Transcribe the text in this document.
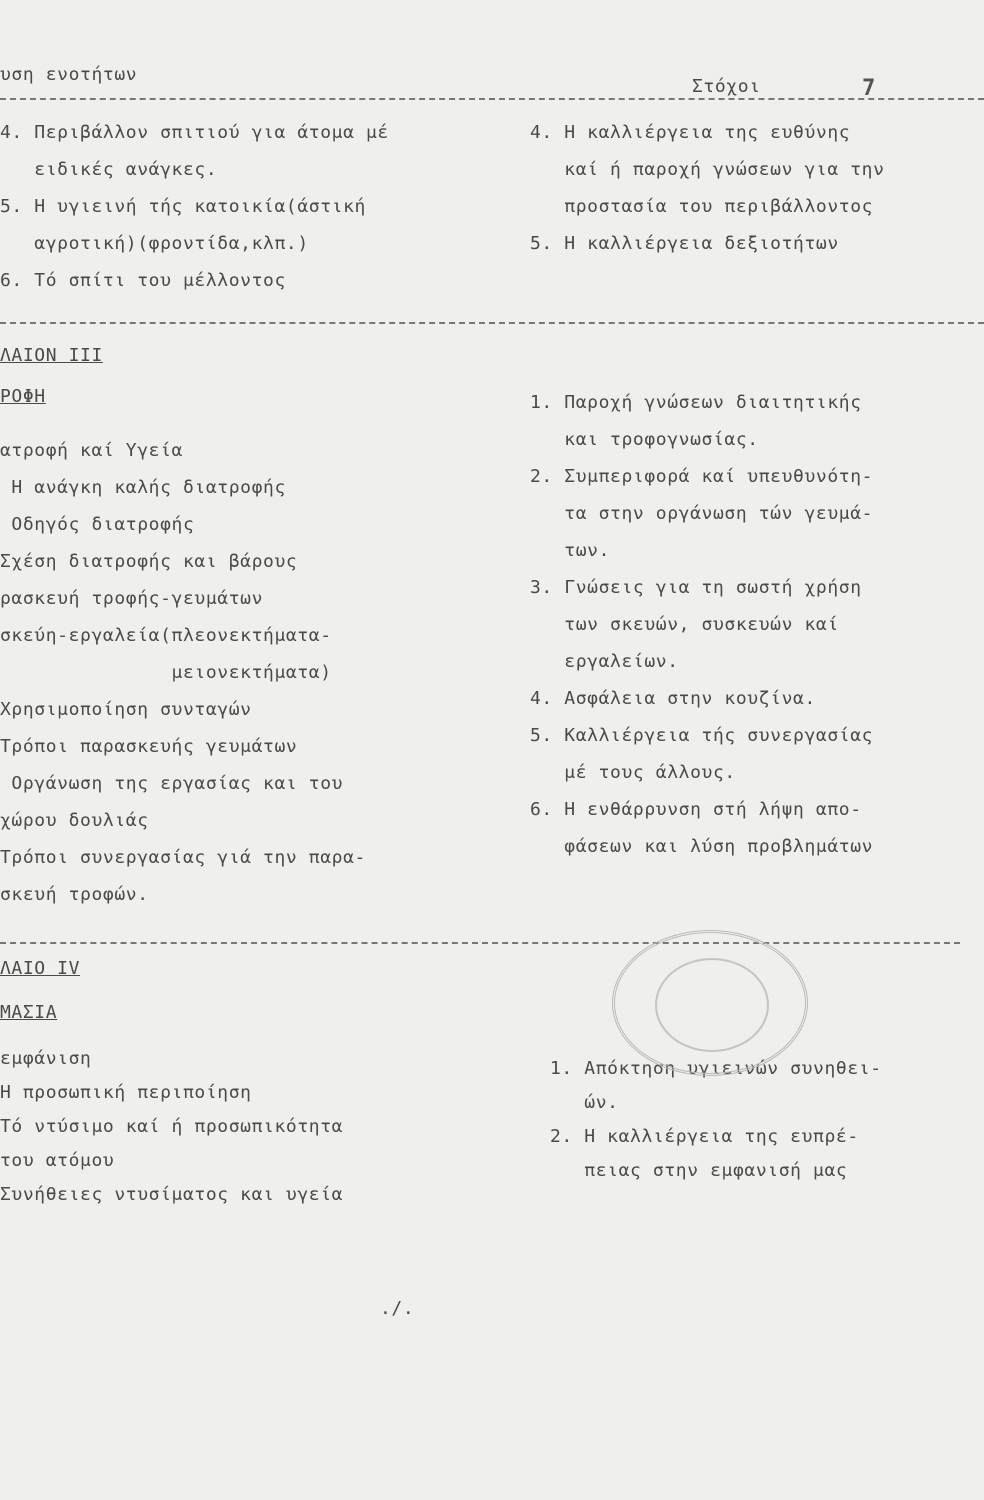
υση ενοτήτων
Στόχοι	7
4. Περιβάλλον σπιτιού για άτομα μέ
ειδικές ανάγκες.
5. Η υγιεινή τής κατοικία(άστική
αγροτική)(φροντίδα,κλπ.)
6. Τό σπίτι του μέλλοντος
4. Η καλλιέργεια της ευθύνης
καί ή παροχή γνώσεων για την
προστασία του περιβάλλοντος
5. Η καλλιέργεια δεξιοτήτων
ΛΑΙΟΝ III
ΡΟΦΗ
ατροφή καί Υγεία
Η ανάγκη καλής διατροφής
Οδηγός διατροφής
Σχέση διατροφής και βάρους
ρασκευή τροφής-γευμάτων
σκεύη-εργαλεία(πλεονεκτήματα-
μειονεκτήματα)
Χρησιμοποίηση συνταγών
Τρόποι παρασκευής γευμάτων
Οργάνωση της εργασίας και του
χώρου δουλιάς
Τρόποι συνεργασίας γιά την παρα-
σκευή τροφών.
1. Παροχή γνώσεων διαιτητικής
και τροφογνωσίας.
2. Συμπεριφορά καί υπευθυνότη-
τα στην οργάνωση τών γευμά-
των.
3. Γνώσεις για τη σωστή χρήση
των σκευών, συσκευών καί
εργαλείων.
4. Ασφάλεια στην κουζίνα.
5. Καλλιέργεια τής συνεργασίας
μέ τους άλλους.
6. Η ενθάρρυνση στή λήψη απο-
φάσεων και λύση προβλημάτων
ΛΑΙΟ IV
ΜΑΣΙΑ
εμφάνιση
Η προσωπική περιποίηση
Τό ντύσιμο καί ή προσωπικότητα
του ατόμου
Συνήθειες ντυσίματος και υγεία
1. Απόκτηση υγιεινών συνηθει-
ών.
2. Η καλλιέργεια της ευπρέ-
πειας στην εμφανισή μας
./.
